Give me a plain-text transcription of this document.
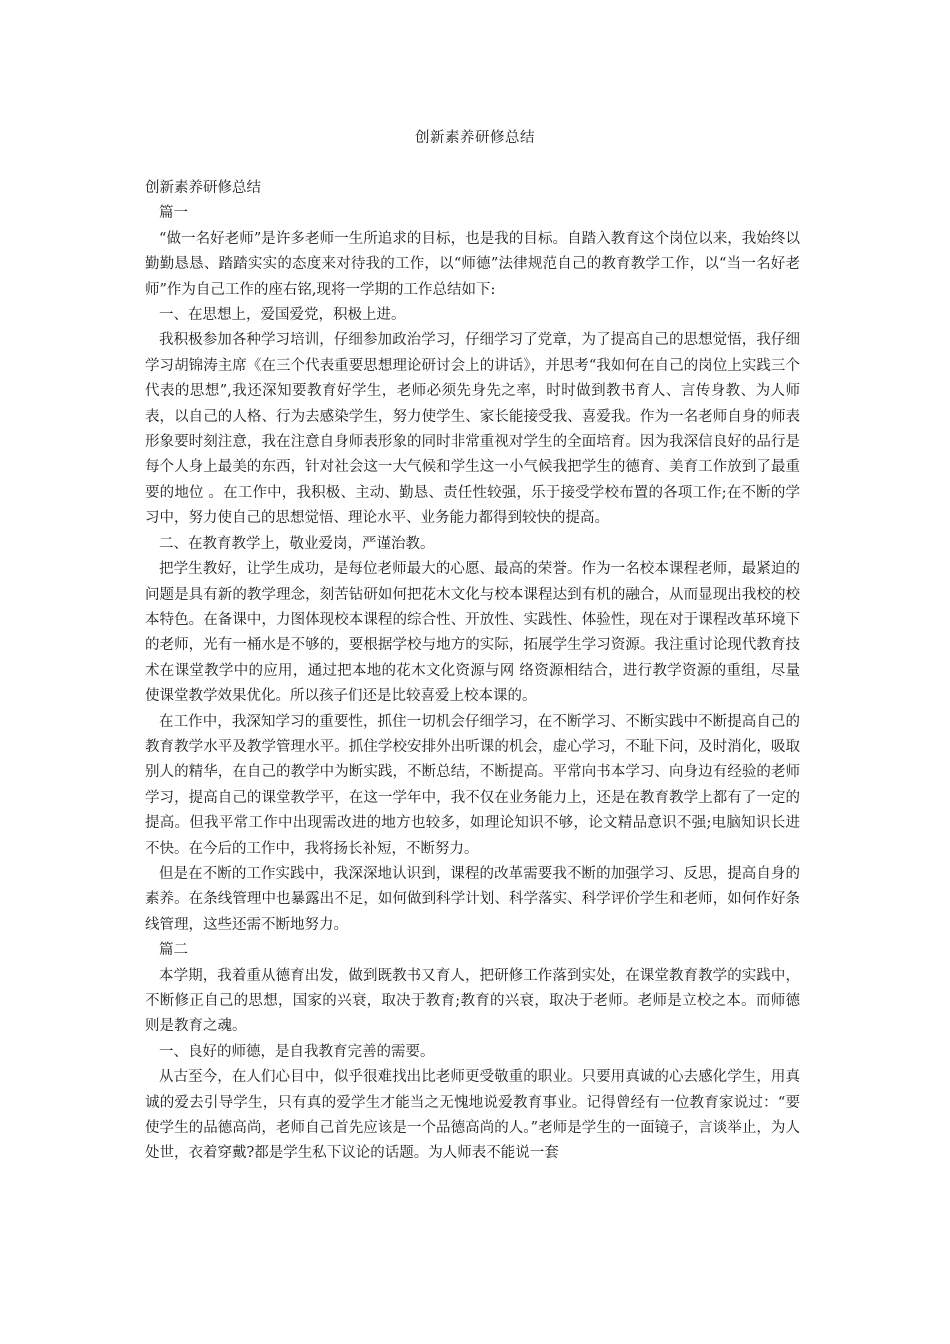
创新素养研修总结

创新素养研修总结

篇一

“做一名好老师”是许多老师一生所追求的目标，也是我的目标。自踏入教育这个岗位以来，我始终以勤勤恳恳、踏踏实实的态度来对待我的工作，以“师德”法律规范自己的教育教学工作，以“当一名好老师”作为自己工作的座右铭,现将一学期的工作总结如下:

一、在思想上，爱国爱党，积极上进。

我积极参加各种学习培训，仔细参加政治学习，仔细学习了党章，为了提高自己的思想觉悟，我仔细学习胡锦涛主席《在三个代表重要思想理论研讨会上的讲话》，并思考“我如何在自己的岗位上实践三个代表的思想”,我还深知要教育好学生，老师必须先身先之率，时时做到教书育人、言传身教、为人师表，以自己的人格、行为去感染学生，努力使学生、家长能接受我、喜爱我。作为一名老师自身的师表形象要时刻注意，我在注意自身师表形象的同时非常重视对学生的全面培育。因为我深信良好的品行是每个人身上最美的东西，针对社会这一大气候和学生这一小气候我把学生的德育、美育工作放到了最重要的地位 。在工作中，我积极、主动、勤恳、责任性较强，乐于接受学校布置的各项工作;在不断的学习中，努力使自己的思想觉悟、理论水平、业务能力都得到较快的提高。

二、在教育教学上，敬业爱岗，严谨治教。

把学生教好，让学生成功，是每位老师最大的心愿、最高的荣誉。作为一名校本课程老师，最紧迫的问题是具有新的教学理念，刻苦钻研如何把花木文化与校本课程达到有机的融合，从而显现出我校的校本特色。在备课中，力图体现校本课程的综合性、开放性、实践性、体验性，现在对于课程改革环境下的老师，光有一桶水是不够的，要根据学校与地方的实际，拓展学生学习资源。我注重讨论现代教育技术在课堂教学中的应用，通过把本地的花木文化资源与网 络资源相结合，进行教学资源的重组，尽量使课堂教学效果优化。所以孩子们还是比较喜爱上校本课的。

在工作中，我深知学习的重要性，抓住一切机会仔细学习，在不断学习、不断实践中不断提高自己的教育教学水平及教学管理水平。抓住学校安排外出听课的机会，虚心学习，不耻下问，及时消化，吸取别人的精华，在自己的教学中为断实践，不断总结，不断提高。平常向书本学习、向身边有经验的老师学习，提高自己的课堂教学平，在这一学年中，我不仅在业务能力上，还是在教育教学上都有了一定的提高。但我平常工作中出现需改进的地方也较多，如理论知识不够，论文精品意识不强;电脑知识长进不快。在今后的工作中，我将扬长补短，不断努力。

但是在不断的工作实践中，我深深地认识到，课程的改革需要我不断的加强学习、反思，提高自身的素养。在条线管理中也暴露出不足，如何做到科学计划、科学落实、科学评价学生和老师，如何作好条线管理，这些还需不断地努力。

篇二

本学期，我着重从德育出发，做到既教书又育人，把研修工作落到实处，在课堂教育教学的实践中，不断修正自己的思想，国家的兴衰，取决于教育;教育的兴衰，取决于老师。老师是立校之本。而师德则是教育之魂。

一、良好的师德，是自我教育完善的需要。

从古至今，在人们心目中，似乎很难找出比老师更受敬重的职业。只要用真诚的心去感化学生，用真诚的爱去引导学生，只有真的爱学生才能当之无愧地说爱教育事业。记得曾经有一位教育家说过：“要使学生的品德高尚，老师自己首先应该是一个品德高尚的人。”老师是学生的一面镜子，言谈举止，为人处世，衣着穿戴?都是学生私下议论的话题。为人师表不能说一套
